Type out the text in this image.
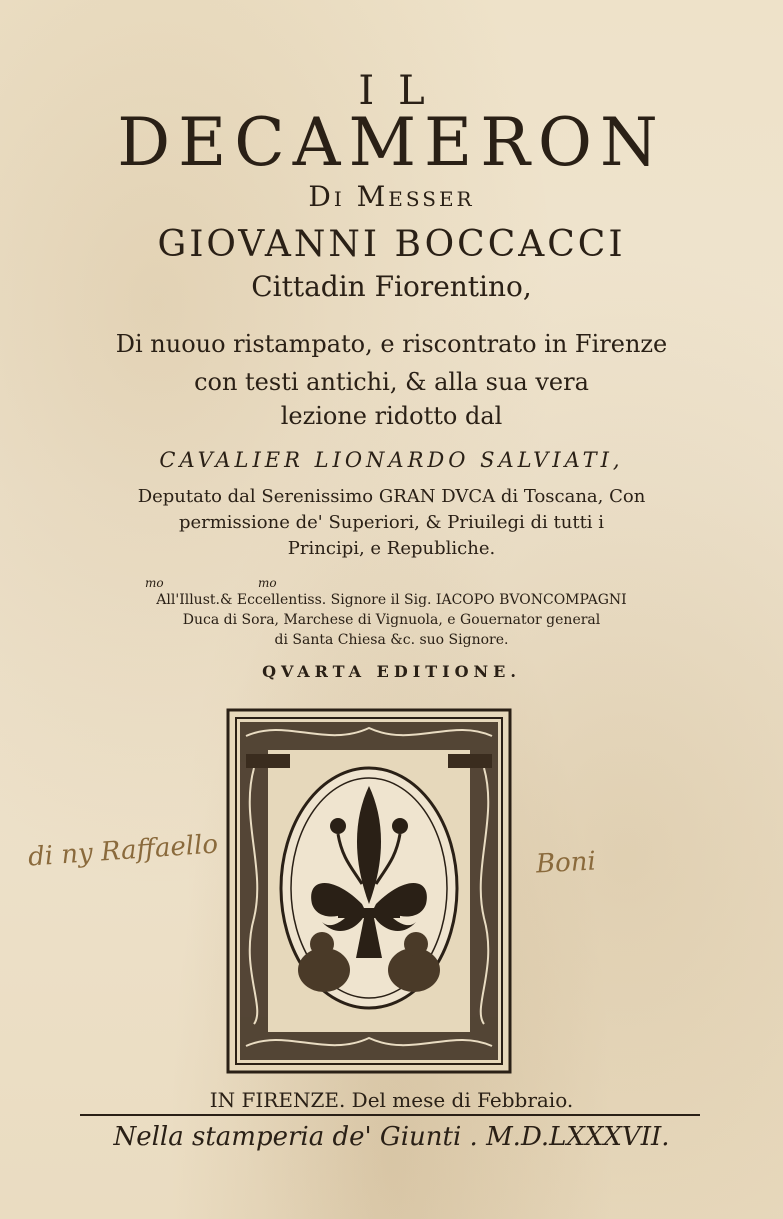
IL
DECAMERON
Di Messer
GIOVANNI BOCCACCI
Cittadin Fiorentino,
Di nuouo ristampato, e riscontrato in Firenze
con testi antichi, & alla sua vera
lezione ridotto dal
CAVALIER LIONARDO SALVIATI,
Deputato dal Serenissimo GRAN DVCA di Toscana, Con
permissione de' Superiori, & Priuilegi di tutti i
Principi, e Republiche.
mo	mo
All'Illust.& Eccellentiss. Signore il Sig. IACOPO BVONCOMPAGNI
Duca di Sora, Marchese di Vignuola, e Gouernator general
di Santa Chiesa &c. suo Signore.
QVARTA EDITIONE.
di ny Raffaello	Boni
IN FIRENZE. Del mese di Febbraio.
Nella stamperia de' Giunti . M.D.LXXXVII.
